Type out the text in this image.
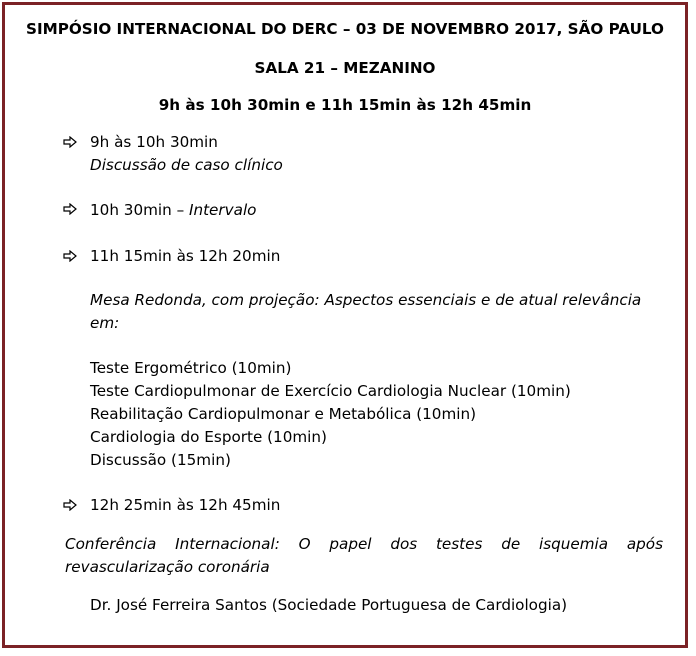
SIMPÓSIO INTERNACIONAL DO DERC – 03 DE NOVEMBRO 2017, SÃO PAULO
SALA 21 – MEZANINO
9h às 10h 30min e 11h 15min às 12h 45min
9h às 10h 30min
Discussão de caso clínico
10h 30min – Intervalo
11h 15min às 12h 20min
Mesa Redonda, com projeção: Aspectos essenciais e de atual relevância
em:
Teste Ergométrico (10min)
Teste Cardiopulmonar de Exercício Cardiologia Nuclear (10min)
Reabilitação Cardiopulmonar e Metabólica (10min)
Cardiologia do Esporte (10min)
Discussão (15min)
12h 25min às 12h 45min
Conferência Internacional: O papel dos testes de isquemia após
revascularização coronária
Dr. José Ferreira Santos (Sociedade Portuguesa de Cardiologia)
